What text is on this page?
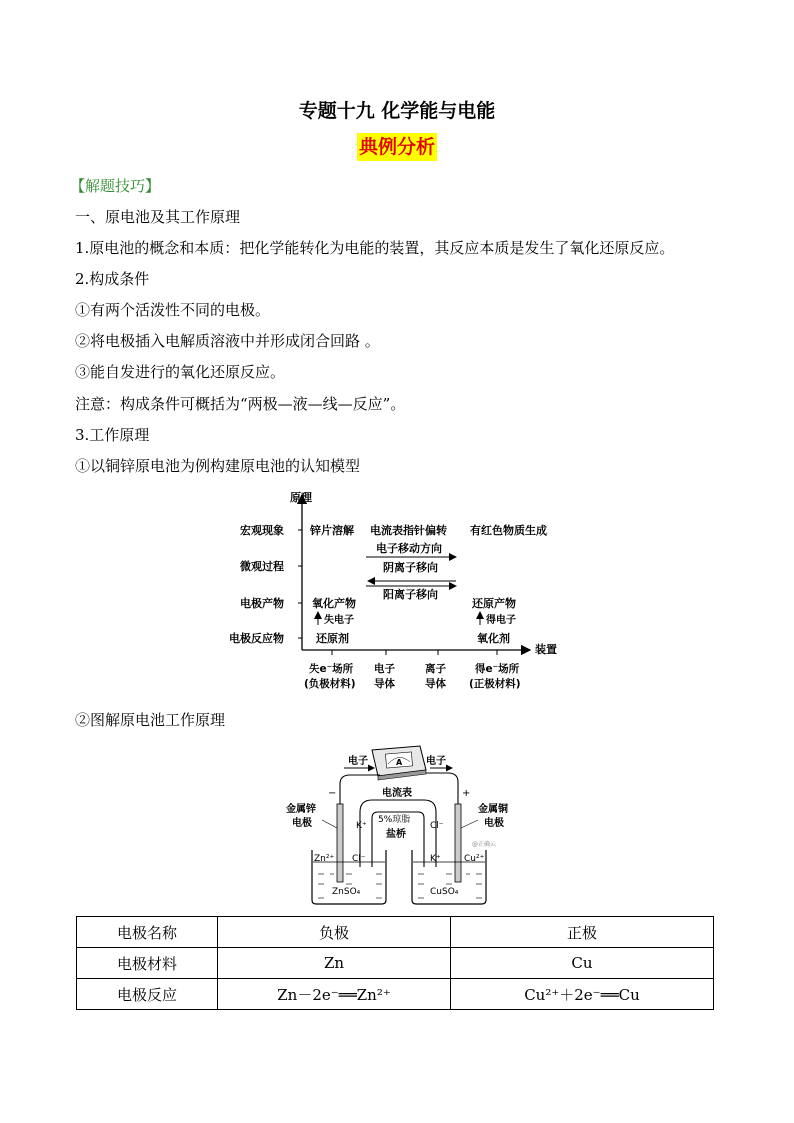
专题十九 化学能与电能
典例分析
【解题技巧】
一、原电池及其工作原理
1.原电池的概念和本质：把化学能转化为电能的装置，其反应本质是发生了氧化还原反应。
2.构成条件
①有两个活泼性不同的电极。
②将电极插入电解质溶液中并形成闭合回路 。
③能自发进行的氧化还原反应。
注意：构成条件可概括为“两极—液—线—反应”。
3.工作原理
①以铜锌原电池为例构建原电池的认知模型
原理
装置
宏观现象
微观过程
电极产物
电极反应物
锌片溶解 电流表指针偏转 有红色物质生成
电子移动方向
阴离子移向
阳离子移向
氧化产物
失电子
还原剂
还原产物
得电子
氧化剂
失e⁻场所
(负极材料)
电子
导体
离子
导体
得e⁻场所
(正极材料)
②图解原电池工作原理
A
电子	电子
电流表
−	+
5%琼脂
盐桥
K⁺	Cl⁻
金属锌
电极
金属铜
电极
Zn²⁺ Cl⁻	K⁺	Cu²⁺
@正确云
ZnSO₄	CuSO₄
电极名称	负极	正极
电极材料	Zn	Cu
电极反应	Zn－2e⁻══Zn²⁺	Cu²⁺＋2e⁻══Cu
